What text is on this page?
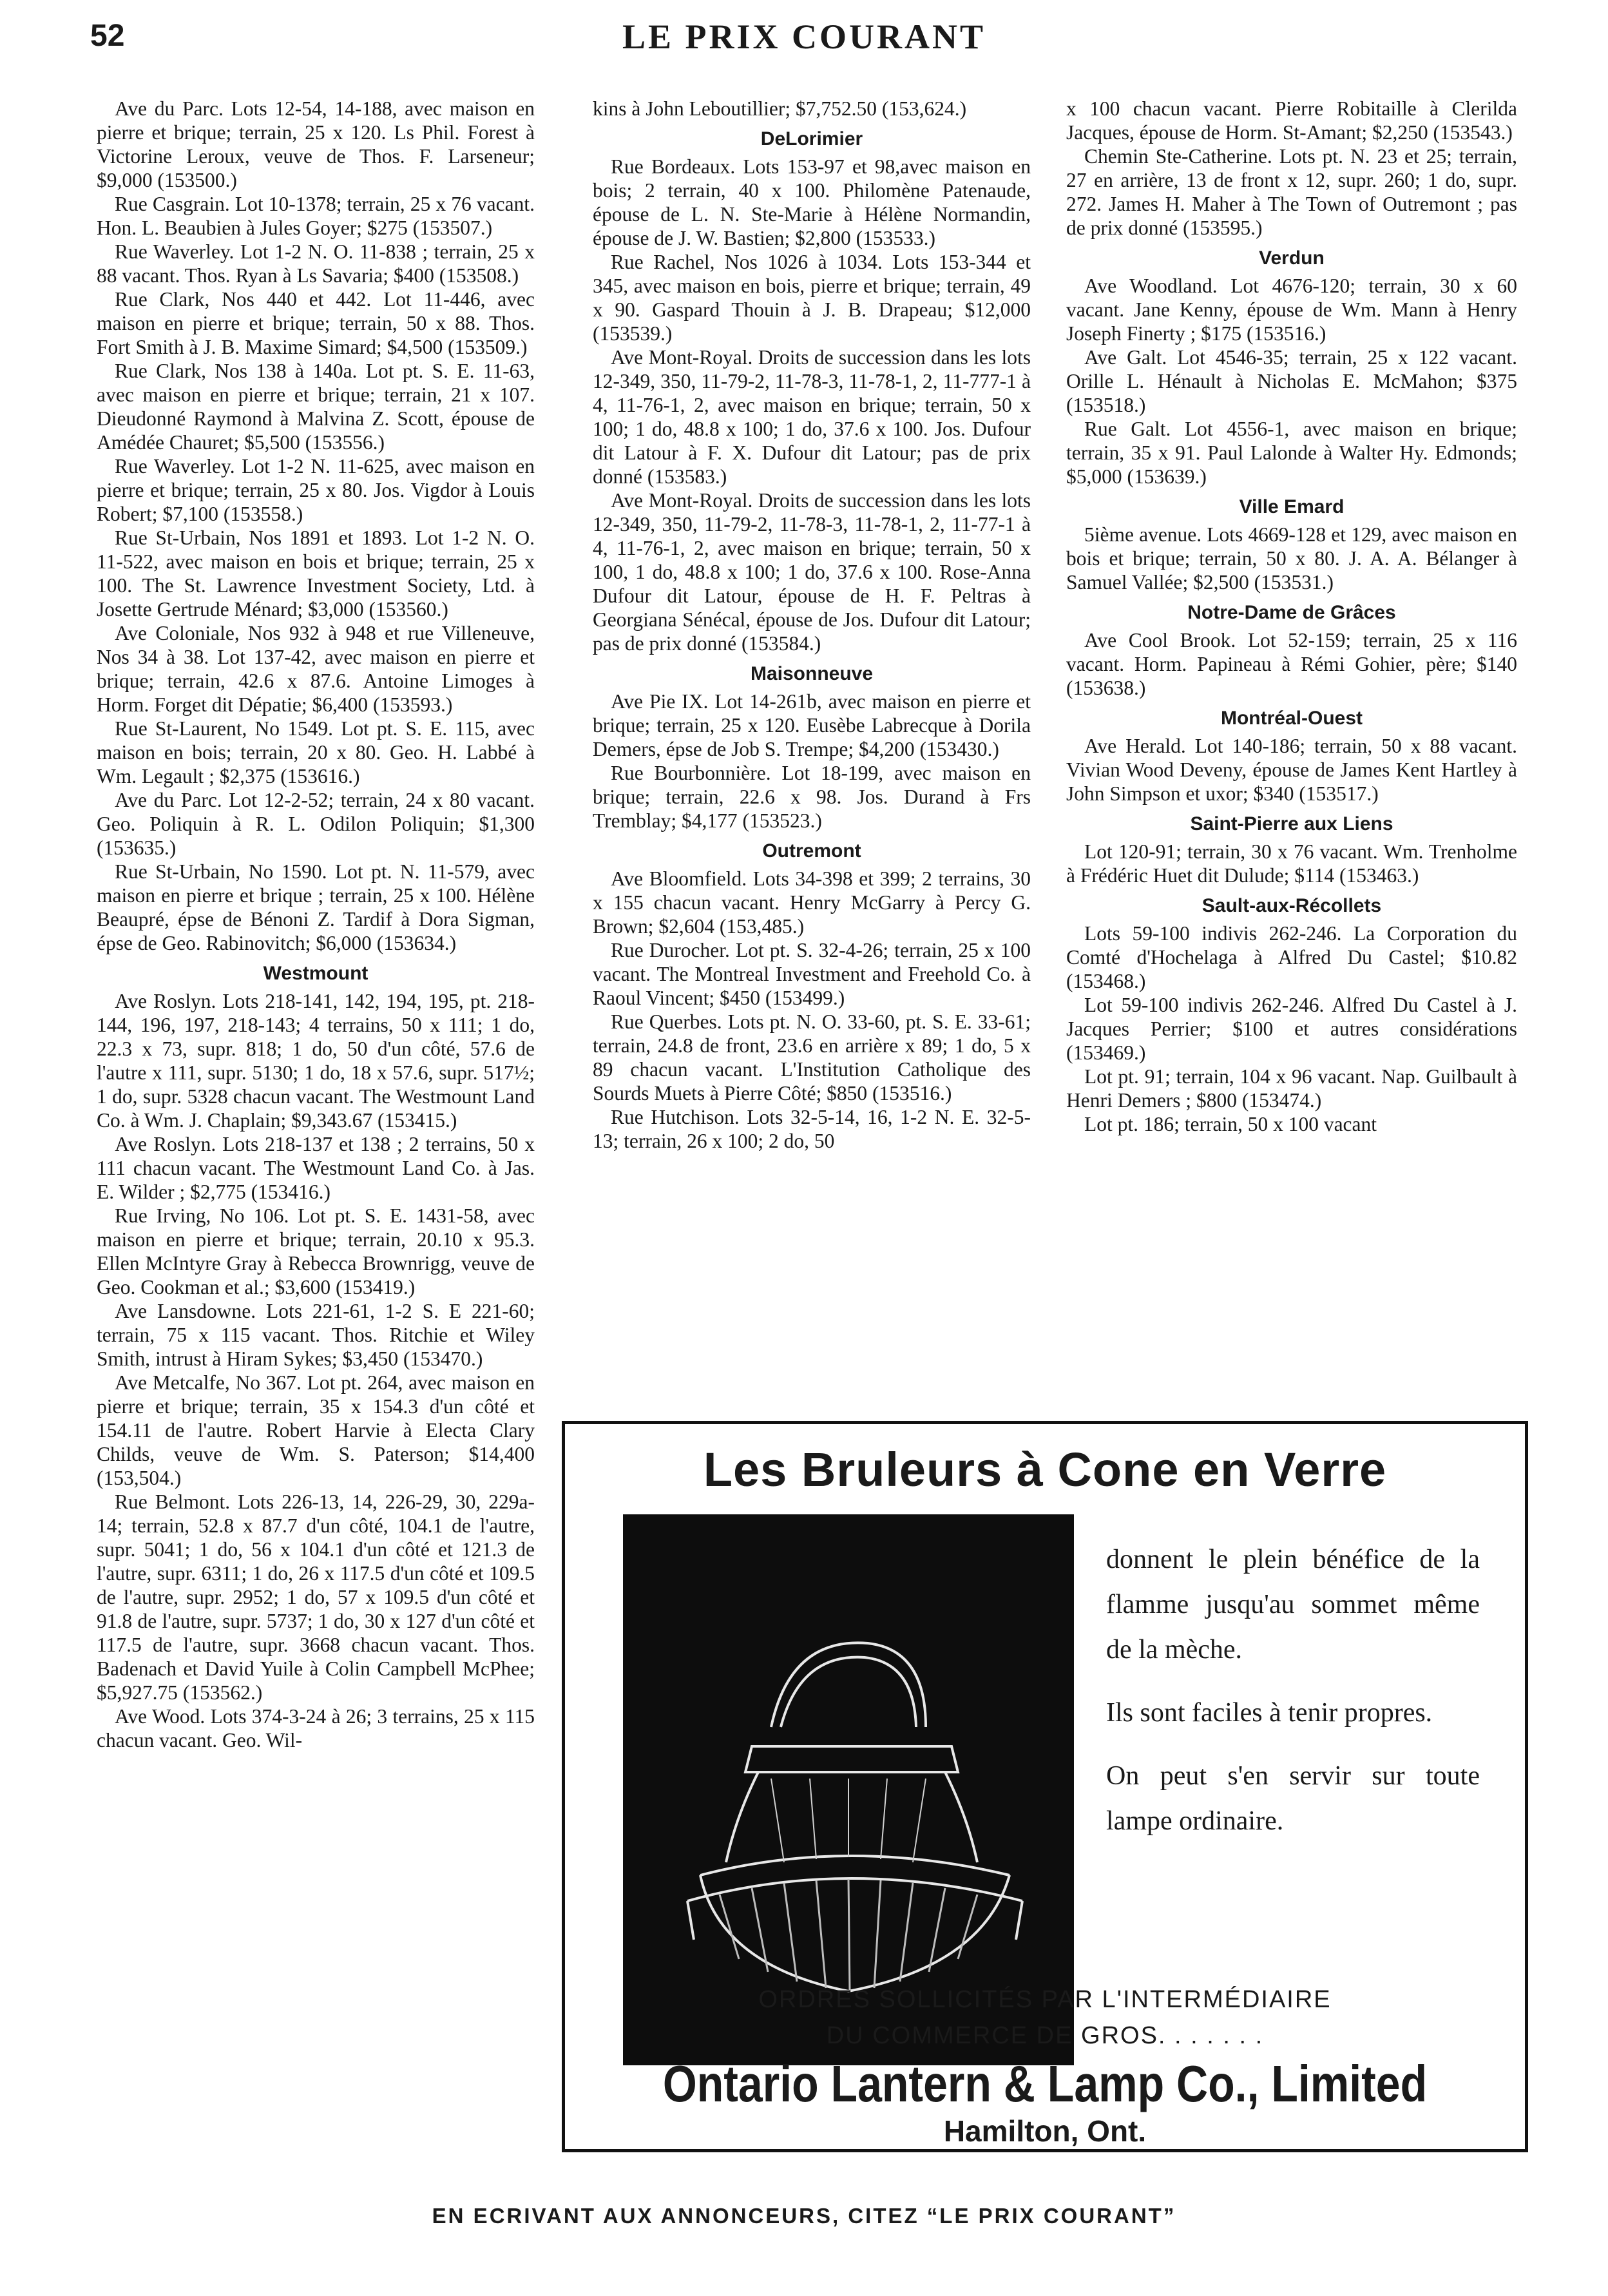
52	LE PRIX COURANT

Ave du Parc. Lots 12-54, 14-188, avec maison en pierre et brique; terrain, 25 x 120. Ls Phil. Forest à Victorine Leroux, veuve de Thos. F. Larseneur; $9,000 (153500.)

Rue Casgrain. Lot 10-1378; terrain, 25 x 76 vacant. Hon. L. Beaubien à Jules Goyer; $275 (153507.)

Rue Waverley. Lot 1-2 N. O. 11-838 ; terrain, 25 x 88 vacant. Thos. Ryan à Ls Savaria; $400 (153508.)

Rue Clark, Nos 440 et 442. Lot 11-446, avec maison en pierre et brique; terrain, 50 x 88. Thos. Fort Smith à J. B. Maxime Simard; $4,500 (153509.)

Rue Clark, Nos 138 à 140a. Lot pt. S. E. 11-63, avec maison en pierre et brique; terrain, 21 x 107. Dieudonné Raymond à Malvina Z. Scott, épouse de Amédée Chauret; $5,500 (153556.)

Rue Waverley. Lot 1-2 N. 11-625, avec maison en pierre et brique; terrain, 25 x 80. Jos. Vigdor à Louis Robert; $7,100 (153558.)

Rue St-Urbain, Nos 1891 et 1893. Lot 1-2 N. O. 11-522, avec maison en bois et brique; terrain, 25 x 100. The St. Lawrence Investment Society, Ltd. à Josette Gertrude Ménard; $3,000 (153560.)

Ave Coloniale, Nos 932 à 948 et rue Villeneuve, Nos 34 à 38. Lot 137-42, avec maison en pierre et brique; terrain, 42.6 x 87.6. Antoine Limoges à Horm. Forget dit Dépatie; $6,400 (153593.)

Rue St-Laurent, No 1549. Lot pt. S. E. 115, avec maison en bois; terrain, 20 x 80. Geo. H. Labbé à Wm. Legault ; $2,375 (153616.)

Ave du Parc. Lot 12-2-52; terrain, 24 x 80 vacant. Geo. Poliquin à R. L. Odilon Poliquin; $1,300 (153635.)

Rue St-Urbain, No 1590. Lot pt. N. 11-579, avec maison en pierre et brique ; terrain, 25 x 100. Hélène Beaupré, épse de Bénoni Z. Tardif à Dora Sigman, épse de Geo. Rabinovitch; $6,000 (153634.)

Westmount

Ave Roslyn. Lots 218-141, 142, 194, 195, pt. 218-144, 196, 197, 218-143; 4 terrains, 50 x 111; 1 do, 22.3 x 73, supr. 818; 1 do, 50 d'un côté, 57.6 de l'autre x 111, supr. 5130; 1 do, 18 x 57.6, supr. 517½; 1 do, supr. 5328 chacun vacant. The Westmount Land Co. à Wm. J. Chaplain; $9,343.67 (153415.)

Ave Roslyn. Lots 218-137 et 138 ; 2 terrains, 50 x 111 chacun vacant. The Westmount Land Co. à Jas. E. Wilder ; $2,775 (153416.)

Rue Irving, No 106. Lot pt. S. E. 1431-58, avec maison en pierre et brique; terrain, 20.10 x 95.3. Ellen McIntyre Gray à Rebecca Brownrigg, veuve de Geo. Cookman et al.; $3,600 (153419.)

Ave Lansdowne. Lots 221-61, 1-2 S. E 221-60; terrain, 75 x 115 vacant. Thos. Ritchie et Wiley Smith, intrust à Hiram Sykes; $3,450 (153470.)

Ave Metcalfe, No 367. Lot pt. 264, avec maison en pierre et brique; terrain, 35 x 154.3 d'un côté et 154.11 de l'autre. Robert Harvie à Electa Clary Childs, veuve de Wm. S. Paterson; $14,400 (153,504.)

Rue Belmont. Lots 226-13, 14, 226-29, 30, 229a-14; terrain, 52.8 x 87.7 d'un côté, 104.1 de l'autre, supr. 5041; 1 do, 56 x 104.1 d'un côté et 121.3 de l'autre, supr. 6311; 1 do, 26 x 117.5 d'un côté et 109.5 de l'autre, supr. 2952; 1 do, 57 x 109.5 d'un côté et 91.8 de l'autre, supr. 5737; 1 do, 30 x 127 d'un côté et 117.5 de l'autre, supr. 3668 chacun vacant. Thos. Badenach et David Yuile à Colin Campbell McPhee; $5,927.75 (153562.)

Ave Wood. Lots 374-3-24 à 26; 3 terrains, 25 x 115 chacun vacant. Geo. Wil-

kins à John Leboutillier; $7,752.50 (153,624.)

DeLorimier

Rue Bordeaux. Lots 153-97 et 98,avec maison en bois; 2 terrain, 40 x 100. Philomène Patenaude, épouse de L. N. Ste-Marie à Hélène Normandin, épouse de J. W. Bastien; $2,800 (153533.)

Rue Rachel, Nos 1026 à 1034. Lots 153-344 et 345, avec maison en bois, pierre et brique; terrain, 49 x 90. Gaspard Thouin à J. B. Drapeau; $12,000 (153539.)

Ave Mont-Royal. Droits de succession dans les lots 12-349, 350, 11-79-2, 11-78-3, 11-78-1, 2, 11-777-1 à 4, 11-76-1, 2, avec maison en brique; terrain, 50 x 100; 1 do, 48.8 x 100; 1 do, 37.6 x 100. Jos. Dufour dit Latour à F. X. Dufour dit Latour; pas de prix donné (153583.)

Ave Mont-Royal. Droits de succession dans les lots 12-349, 350, 11-79-2, 11-78-3, 11-78-1, 2, 11-77-1 à 4, 11-76-1, 2, avec maison en brique; terrain, 50 x 100, 1 do, 48.8 x 100; 1 do, 37.6 x 100. Rose-Anna Dufour dit Latour, épouse de H. F. Peltras à Georgiana Sénécal, épouse de Jos. Dufour dit Latour; pas de prix donné (153584.)

Maisonneuve

Ave Pie IX. Lot 14-261b, avec maison en pierre et brique; terrain, 25 x 120. Eusèbe Labrecque à Dorila Demers, épse de Job S. Trempe; $4,200 (153430.)

Rue Bourbonnière. Lot 18-199, avec maison en brique; terrain, 22.6 x 98. Jos. Durand à Frs Tremblay; $4,177 (153523.)

Outremont

Ave Bloomfield. Lots 34-398 et 399; 2 terrains, 30 x 155 chacun vacant. Henry McGarry à Percy G. Brown; $2,604 (153,485.)

Rue Durocher. Lot pt. S. 32-4-26; terrain, 25 x 100 vacant. The Montreal Investment and Freehold Co. à Raoul Vincent; $450 (153499.)

Rue Querbes. Lots pt. N. O. 33-60, pt. S. E. 33-61; terrain, 24.8 de front, 23.6 en arrière x 89; 1 do, 5 x 89 chacun vacant. L'Institution Catholique des Sourds Muets à Pierre Côté; $850 (153516.)

Rue Hutchison. Lots 32-5-14, 16, 1-2 N. E. 32-5-13; terrain, 26 x 100; 2 do, 50

x 100 chacun vacant. Pierre Robitaille à Clerilda Jacques, épouse de Horm. St-Amant; $2,250 (153543.)

Chemin Ste-Catherine. Lots pt. N. 23 et 25; terrain, 27 en arrière, 13 de front x 12, supr. 260; 1 do, supr. 272. James H. Maher à The Town of Outremont ; pas de prix donné (153595.)

Verdun

Ave Woodland. Lot 4676-120; terrain, 30 x 60 vacant. Jane Kenny, épouse de Wm. Mann à Henry Joseph Finerty ; $175 (153516.)

Ave Galt. Lot 4546-35; terrain, 25 x 122 vacant. Orille L. Hénault à Nicholas E. McMahon; $375 (153518.)

Rue Galt. Lot 4556-1, avec maison en brique; terrain, 35 x 91. Paul Lalonde à Walter Hy. Edmonds; $5,000 (153639.)

Ville Emard

5ième avenue. Lots 4669-128 et 129, avec maison en bois et brique; terrain, 50 x 80. J. A. A. Bélanger à Samuel Vallée; $2,500 (153531.)

Notre-Dame de Grâces

Ave Cool Brook. Lot 52-159; terrain, 25 x 116 vacant. Horm. Papineau à Rémi Gohier, père; $140 (153638.)

Montréal-Ouest

Ave Herald. Lot 140-186; terrain, 50 x 88 vacant. Vivian Wood Deveny, épouse de James Kent Hartley à John Simpson et uxor; $340 (153517.)

Saint-Pierre aux Liens

Lot 120-91; terrain, 30 x 76 vacant. Wm. Trenholme à Frédéric Huet dit Dulude; $114 (153463.)

Sault-aux-Récollets

Lots 59-100 indivis 262-246. La Corporation du Comté d'Hochelaga à Alfred Du Castel; $10.82 (153468.)

Lot 59-100 indivis 262-246. Alfred Du Castel à J. Jacques Perrier; $100 et autres considérations (153469.)

Lot pt. 91; terrain, 104 x 96 vacant. Nap. Guilbault à Henri Demers ; $800 (153474.)

Lot pt. 186; terrain, 50 x 100 vacant

Les Bruleurs à Cone en Verre

donnent le plein bénéfice de la flamme jusqu'au sommet même de la mèche.

Ils sont faciles à tenir propres.

On peut s'en servir sur toute lampe ordinaire.

ORDRES SOLLICITÉS PAR L'INTERMÉDIAIRE
DU COMMERCE DE GROS. . . . . . .
Ontario Lantern & Lamp Co., Limited
Hamilton, Ont.
EN ECRIVANT AUX ANNONCEURS, CITEZ “LE PRIX COURANT”
